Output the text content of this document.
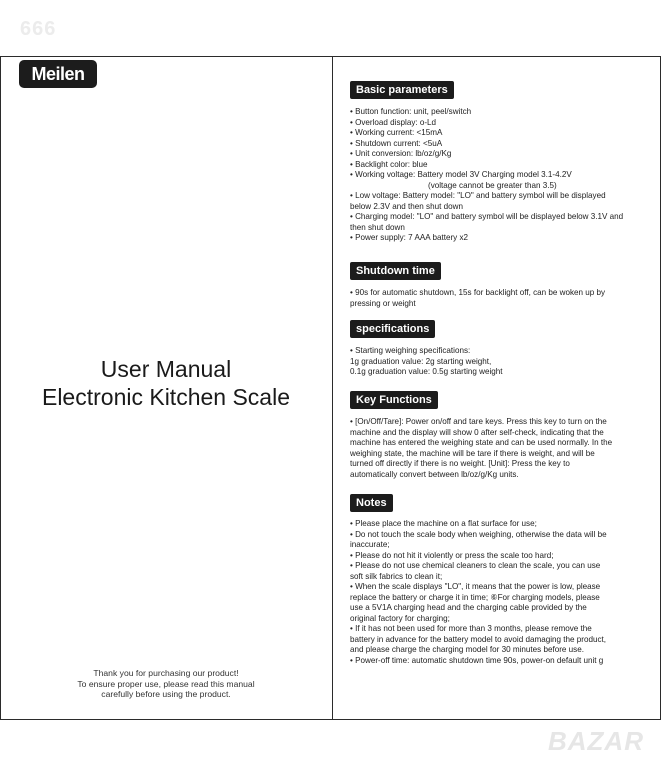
666
Meilen
User Manual
Electronic Kitchen Scale
Thank you for purchasing our product!
To ensure proper use, please read this manual
carefully before using the product.
Basic parameters
• Button function: unit, peel/switch
• Overload display: o-Ld
• Working current: <15mA
• Shutdown current: <5uA
• Unit conversion: lb/oz/g/Kg
• Backlight color: blue
• Working voltage: Battery model 3V Charging model 3.1-4.2V
(voltage cannot be greater than 3.5)
• Low voltage: Battery model: "LO" and battery symbol will be displayed
below 2.3V and then shut down
• Charging model: "LO" and battery symbol will be displayed below 3.1V and
then shut down
• Power supply: 7 AAA battery x2
Shutdown time
• 90s for automatic shutdown, 15s for backlight off, can be woken up by
pressing or weight
specifications
• Starting weighing specifications:
1g graduation value: 2g starting weight,
0.1g graduation value: 0.5g starting weight
Key Functions
• [On/Off/Tare]: Power on/off and tare keys. Press this key to turn on the
machine and the display will show 0 after self-check, indicating that the
machine has entered the weighing state and can be used normally. In the
weighing state, the machine will be tare if there is weight, and will be
turned off directly if there is no weight. [Unit]: Press the key to
automatically convert between lb/oz/g/Kg units.
Notes
• Please place the machine on a flat surface for use;
• Do not touch the scale body when weighing, otherwise the data will be
inaccurate;
• Please do not hit it violently or press the scale too hard;
• Please do not use chemical cleaners to clean the scale, you can use
soft silk fabrics to clean it;
• When the scale displays "LO", it means that the power is low, please
replace the battery or charge it in time; ⑥For charging models, please
use a 5V1A charging head and the charging cable provided by the
original factory for charging;
• If it has not been used for more than 3 months, please remove the
battery in advance for the battery model to avoid damaging the product,
and please charge the charging model for 30 minutes before use.
• Power-off time: automatic shutdown time 90s, power-on default unit g
BAZAR
